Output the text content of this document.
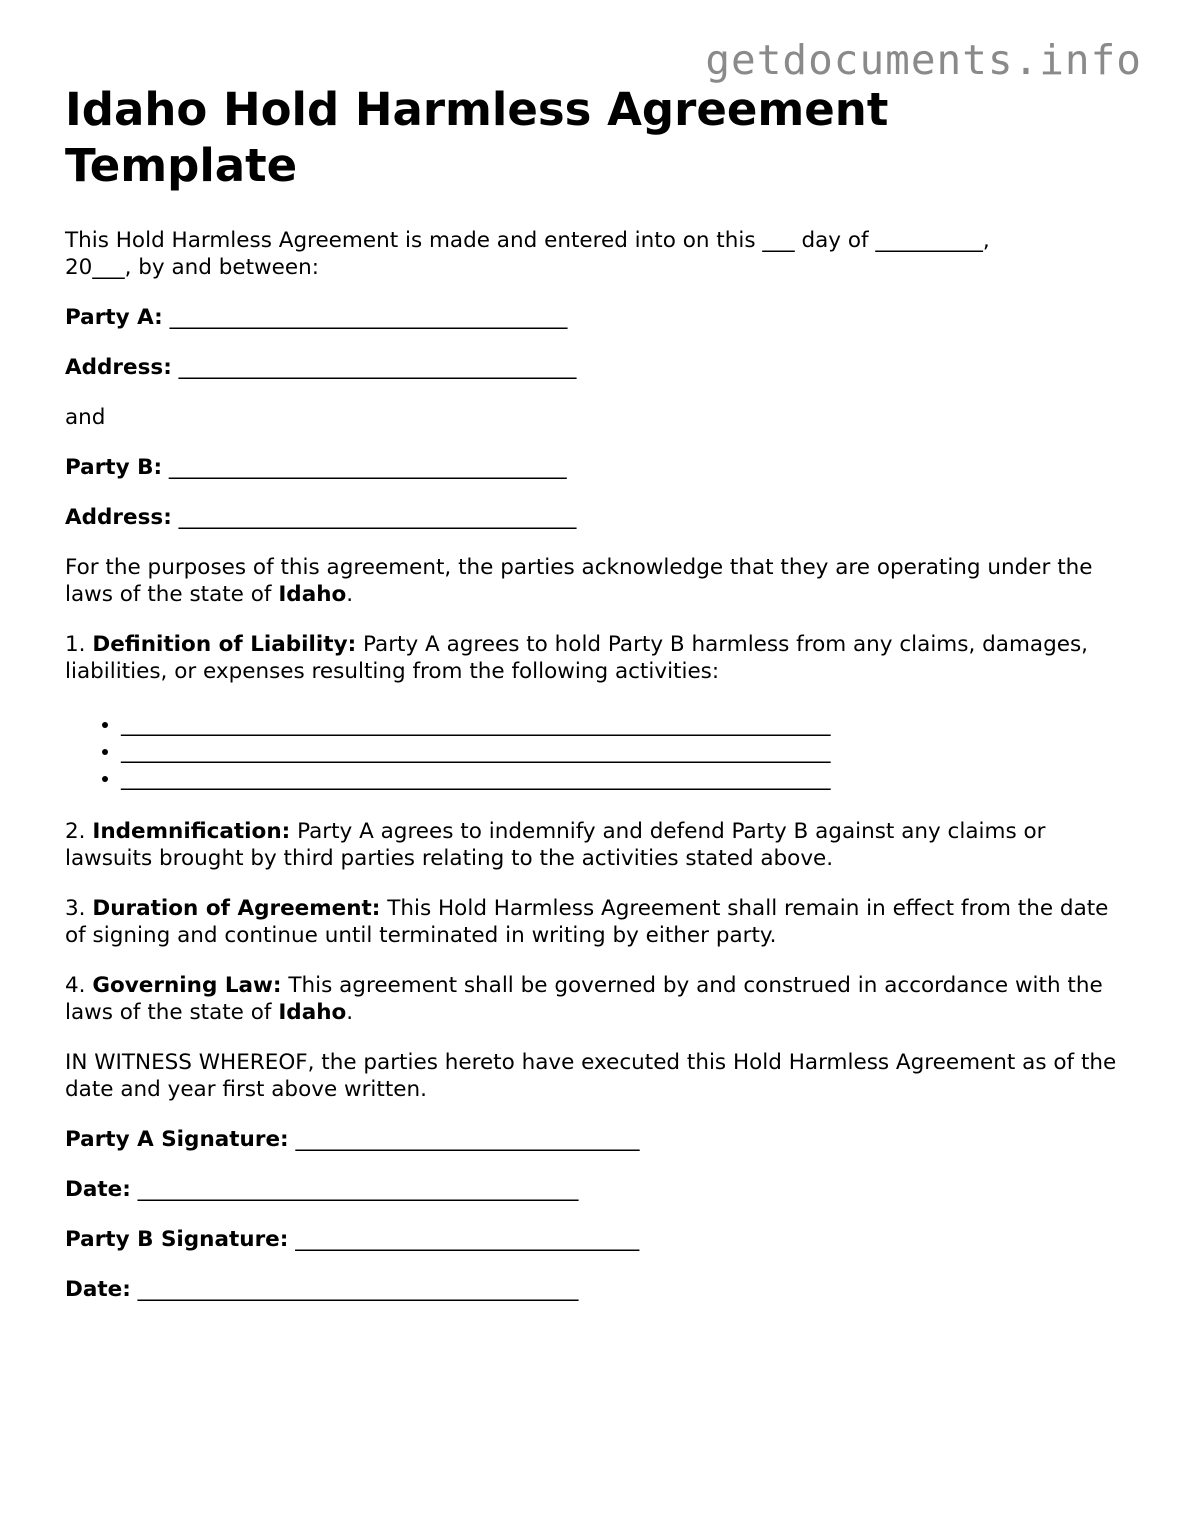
getdocuments.info
Idaho Hold Harmless Agreement Template

This Hold Harmless Agreement is made and entered into on this ___ day of __________,
20___, by and between:

Party A: _____________________________________

Address: _____________________________________

and

Party B: _____________________________________

Address: _____________________________________

For the purposes of this agreement, the parties acknowledge that they are operating under the laws of the state of Idaho.

1. Definition of Liability: Party A agrees to hold Party B harmless from any claims, damages, liabilities, or expenses resulting from the following activities:

• __________________________________________________________________
• __________________________________________________________________
• __________________________________________________________________

2. Indemnification: Party A agrees to indemnify and defend Party B against any claims or lawsuits brought by third parties relating to the activities stated above.

3. Duration of Agreement: This Hold Harmless Agreement shall remain in effect from the date of signing and continue until terminated in writing by either party.

4. Governing Law: This agreement shall be governed by and construed in accordance with the laws of the state of Idaho.

IN WITNESS WHEREOF, the parties hereto have executed this Hold Harmless Agreement as of the date and year first above written.

Party A Signature: ________________________________

Date: _________________________________________

Party B Signature: ________________________________

Date: _________________________________________
